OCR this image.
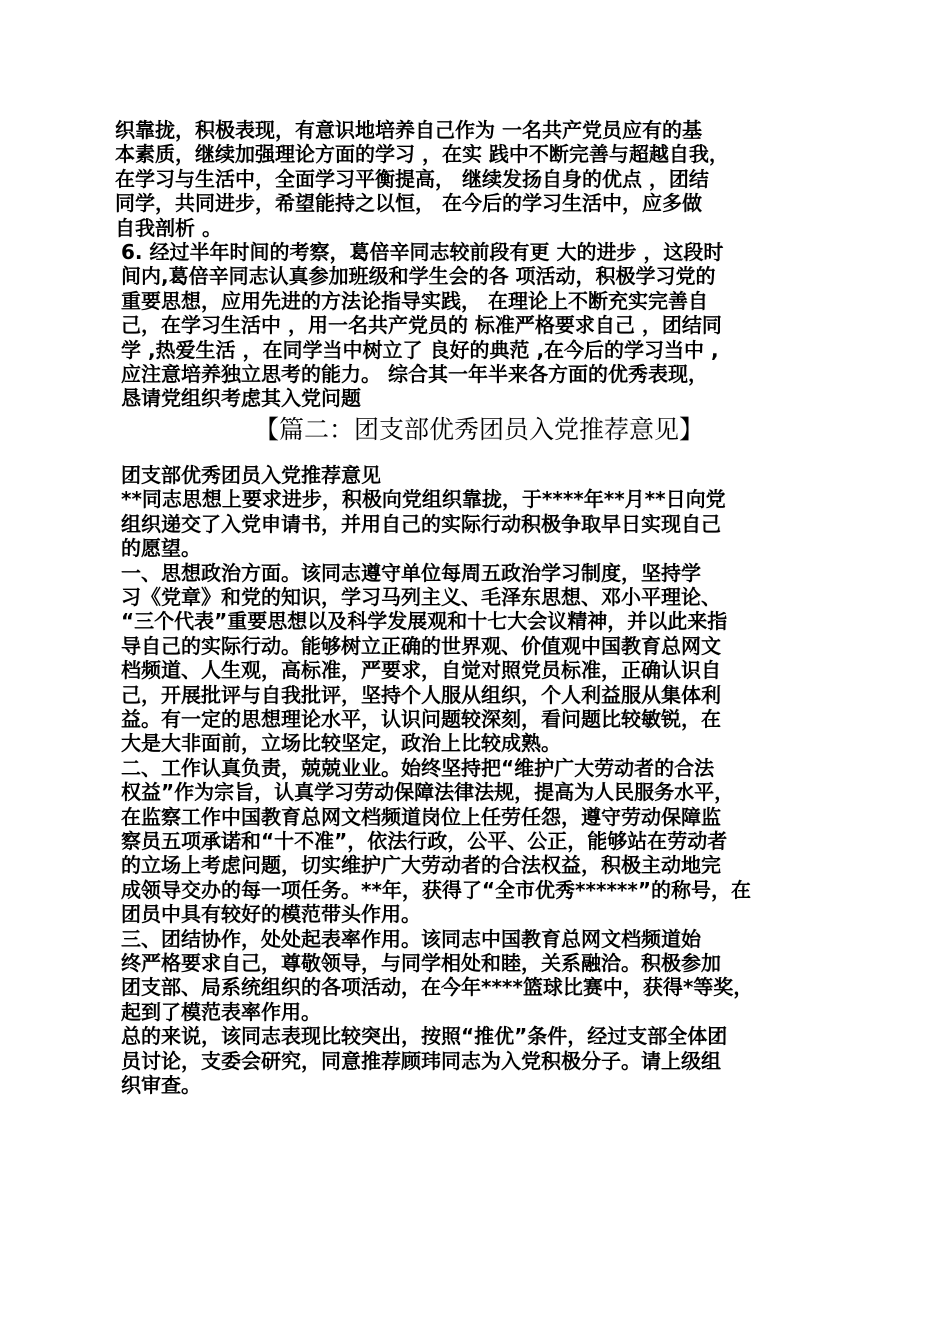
织靠拢，积极表现，有意识地培养自己作为 一名共产党员应有的基
本素质，继续加强理论方面的学习 ，在实 践中不断完善与超越自我，
在学习与生活中，全面学习平衡提高， 继续发扬自身的优点 ，团结
同学，共同进步，希望能持之以恒， 在今后的学习生活中，应多做
自我剖析 。
6. 经过半年时间的考察，葛倍辛同志较前段有更 大的进步 ，这段时
间内,葛倍辛同志认真参加班级和学生会的各 项活动，积极学习党的
重要思想，应用先进的方法论指导实践， 在理论上不断充实完善自
己，在学习生活中 ，用一名共产党员的 标准严格要求自己 ，团结同
学 ,热爱生活 ，在同学当中树立了 良好的典范 ,在今后的学习当中 ,
应注意培养独立思考的能力。 综合其一年半来各方面的优秀表现，
恳请党组织考虑其入党问题
【篇二：团支部优秀团员入党推荐意见】
团支部优秀团员入党推荐意见
**同志思想上要求进步，积极向党组织靠拢，于****年**月**日向党
组织递交了入党申请书，并用自己的实际行动积极争取早日实现自己
的愿望。
一、思想政治方面。该同志遵守单位每周五政治学习制度，坚持学
习《党章》和党的知识，学习马列主义、毛泽东思想、邓小平理论、
“三个代表”重要思想以及科学发展观和十七大会议精神，并以此来指
导自己的实际行动。能够树立正确的世界观、价值观中国教育总网文
档频道、人生观，高标准，严要求，自觉对照党员标准，正确认识自
己，开展批评与自我批评，坚持个人服从组织，个人利益服从集体利
益。有一定的思想理论水平，认识问题较深刻，看问题比较敏锐，在
大是大非面前，立场比较坚定，政治上比较成熟。
二、工作认真负责，兢兢业业。始终坚持把“维护广大劳动者的合法
权益”作为宗旨，认真学习劳动保障法律法规，提高为人民服务水平，
在监察工作中国教育总网文档频道岗位上任劳任怨，遵守劳动保障监
察员五项承诺和“十不准”，依法行政，公平、公正，能够站在劳动者
的立场上考虑问题，切实维护广大劳动者的合法权益，积极主动地完
成领导交办的每一项任务。**年，获得了“全市优秀******”的称号，在
团员中具有较好的模范带头作用。
三、团结协作，处处起表率作用。该同志中国教育总网文档频道始
终严格要求自己，尊敬领导，与同学相处和睦，关系融洽。积极参加
团支部、局系统组织的各项活动，在今年****篮球比赛中，获得*等奖，
起到了模范表率作用。
总的来说，该同志表现比较突出，按照“推优”条件，经过支部全体团
员讨论，支委会研究，同意推荐顾玮同志为入党积极分子。请上级组
织审查。
